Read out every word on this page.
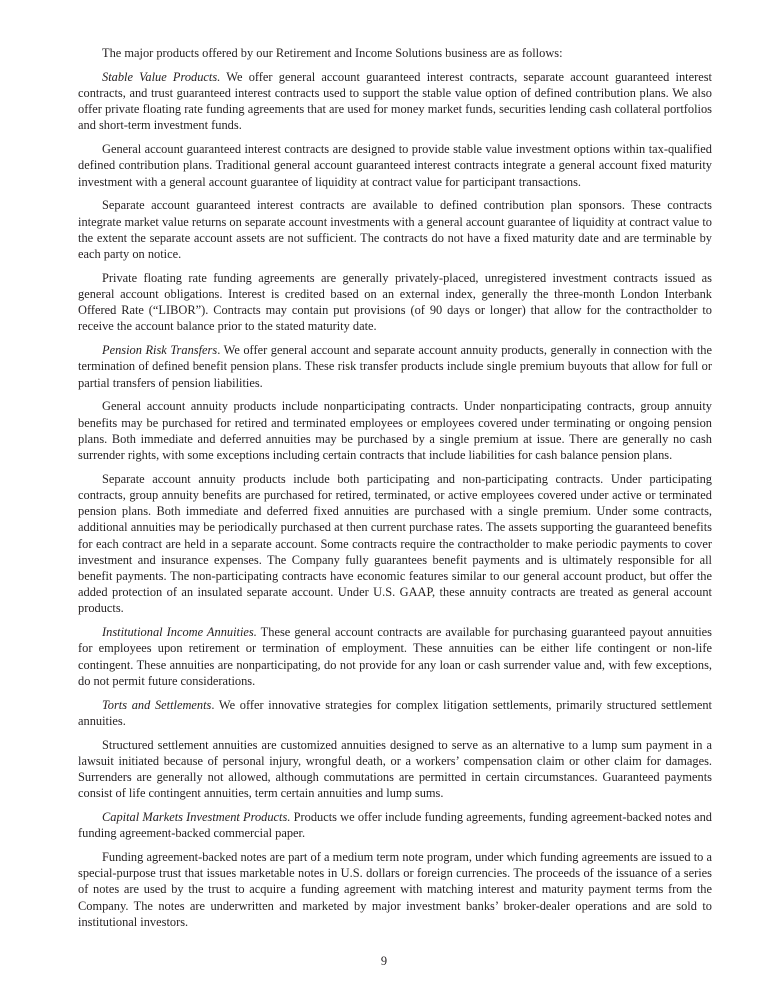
The major products offered by our Retirement and Income Solutions business are as follows:

Stable Value Products. We offer general account guaranteed interest contracts, separate account guaranteed interest contracts, and trust guaranteed interest contracts used to support the stable value option of defined contribution plans. We also offer private floating rate funding agreements that are used for money market funds, securities lending cash collateral portfolios and short-term investment funds.

General account guaranteed interest contracts are designed to provide stable value investment options within tax-qualified defined contribution plans. Traditional general account guaranteed interest contracts integrate a general account fixed maturity investment with a general account guarantee of liquidity at contract value for participant transactions.

Separate account guaranteed interest contracts are available to defined contribution plan sponsors. These contracts integrate market value returns on separate account investments with a general account guarantee of liquidity at contract value to the extent the separate account assets are not sufficient. The contracts do not have a fixed maturity date and are terminable by each party on notice.

Private floating rate funding agreements are generally privately-placed, unregistered investment contracts issued as general account obligations. Interest is credited based on an external index, generally the three-month London Interbank Offered Rate (“LIBOR”). Contracts may contain put provisions (of 90 days or longer) that allow for the contractholder to receive the account balance prior to the stated maturity date.

Pension Risk Transfers. We offer general account and separate account annuity products, generally in connection with the termination of defined benefit pension plans. These risk transfer products include single premium buyouts that allow for full or partial transfers of pension liabilities.

General account annuity products include nonparticipating contracts. Under nonparticipating contracts, group annuity benefits may be purchased for retired and terminated employees or employees covered under terminating or ongoing pension plans. Both immediate and deferred annuities may be purchased by a single premium at issue. There are generally no cash surrender rights, with some exceptions including certain contracts that include liabilities for cash balance pension plans.

Separate account annuity products include both participating and non-participating contracts. Under participating contracts, group annuity benefits are purchased for retired, terminated, or active employees covered under active or terminated pension plans. Both immediate and deferred fixed annuities are purchased with a single premium. Under some contracts, additional annuities may be periodically purchased at then current purchase rates. The assets supporting the guaranteed benefits for each contract are held in a separate account. Some contracts require the contractholder to make periodic payments to cover investment and insurance expenses. The Company fully guarantees benefit payments and is ultimately responsible for all benefit payments. The non-participating contracts have economic features similar to our general account product, but offer the added protection of an insulated separate account. Under U.S. GAAP, these annuity contracts are treated as general account products.

Institutional Income Annuities. These general account contracts are available for purchasing guaranteed payout annuities for employees upon retirement or termination of employment. These annuities can be either life contingent or non-life contingent. These annuities are nonparticipating, do not provide for any loan or cash surrender value and, with few exceptions, do not permit future considerations.

Torts and Settlements. We offer innovative strategies for complex litigation settlements, primarily structured settlement annuities.

Structured settlement annuities are customized annuities designed to serve as an alternative to a lump sum payment in a lawsuit initiated because of personal injury, wrongful death, or a workers’ compensation claim or other claim for damages. Surrenders are generally not allowed, although commutations are permitted in certain circumstances. Guaranteed payments consist of life contingent annuities, term certain annuities and lump sums.

Capital Markets Investment Products. Products we offer include funding agreements, funding agreement-backed notes and funding agreement-backed commercial paper.

Funding agreement-backed notes are part of a medium term note program, under which funding agreements are issued to a special-purpose trust that issues marketable notes in U.S. dollars or foreign currencies. The proceeds of the issuance of a series of notes are used by the trust to acquire a funding agreement with matching interest and maturity payment terms from the Company. The notes are underwritten and marketed by major investment banks’ broker-dealer operations and are sold to institutional investors.

9
